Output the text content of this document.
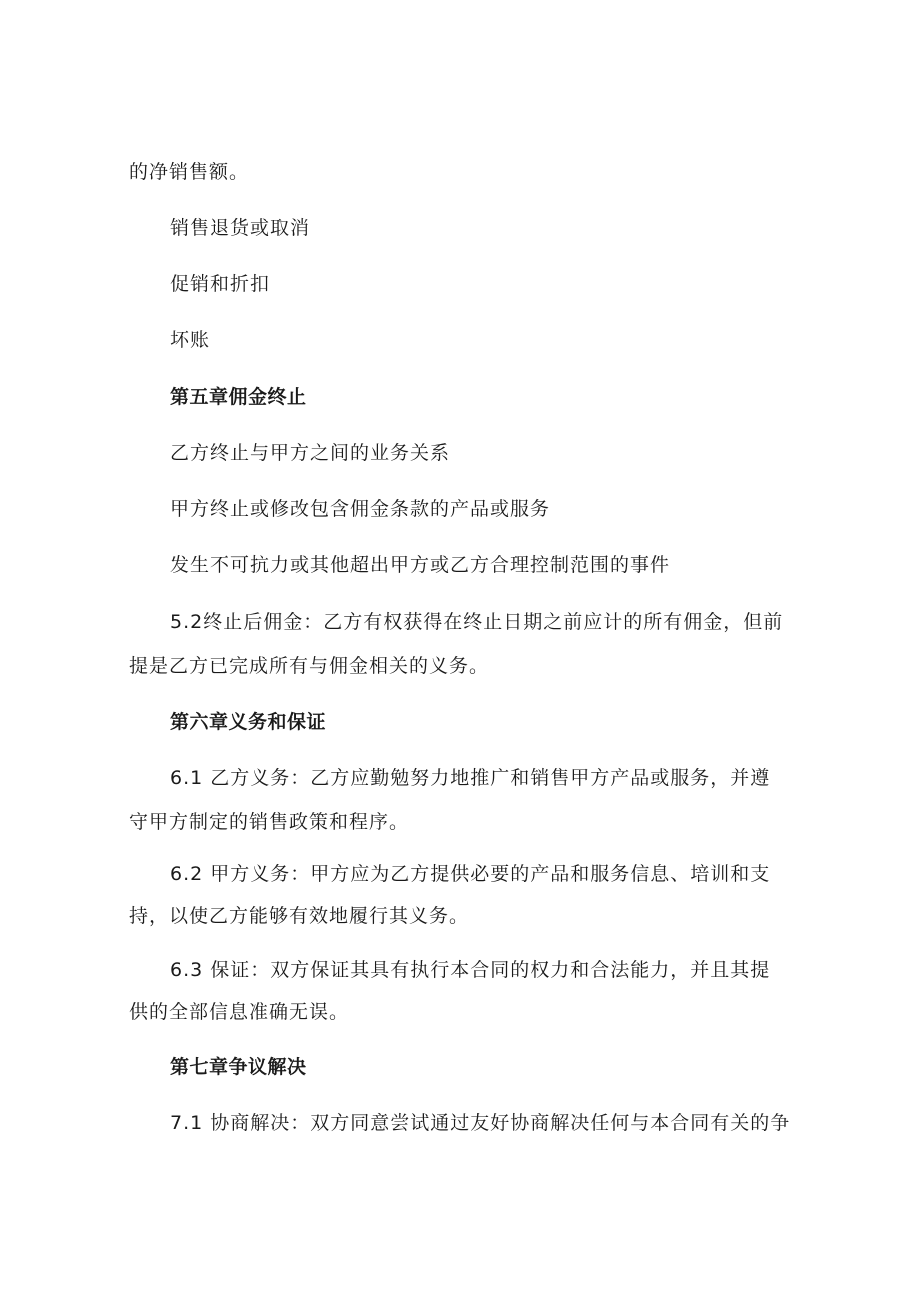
的净销售额。
销售退货或取消
促销和折扣
坏账
第五章佣金终止
乙方终止与甲方之间的业务关系
甲方终止或修改包含佣金条款的产品或服务
发生不可抗力或其他超出甲方或乙方合理控制范围的事件
5.2终止后佣金：乙方有权获得在终止日期之前应计的所有佣金，但前
提是乙方已完成所有与佣金相关的义务。
第六章义务和保证
6.1 乙方义务：乙方应勤勉努力地推广和销售甲方产品或服务，并遵
守甲方制定的销售政策和程序。
6.2 甲方义务：甲方应为乙方提供必要的产品和服务信息、培训和支
持，以使乙方能够有效地履行其义务。
6.3 保证：双方保证其具有执行本合同的权力和合法能力，并且其提
供的全部信息准确无误。
第七章争议解决
7.1 协商解决：双方同意尝试通过友好协商解决任何与本合同有关的争
